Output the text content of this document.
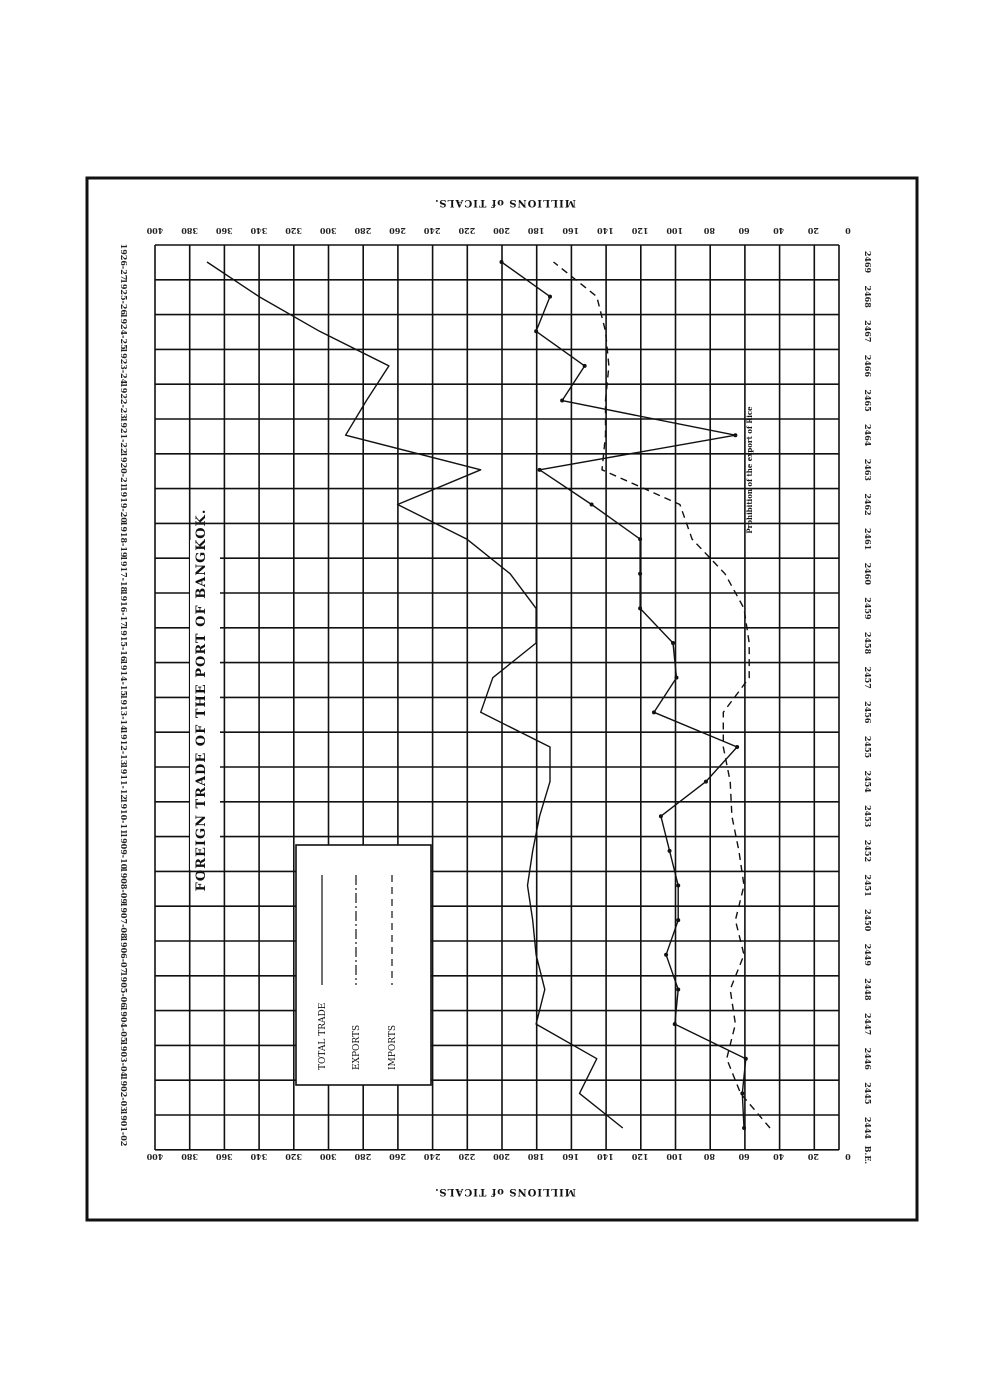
0
0
20
20
40
40
60
60
80
80
100
100
120
120
140
140
160
160
180
180
200
200
220
220
240
240
260
260
280
280
300
300
320
320
340
340
360
360
380
380
400
400
MILLIONS of TICALS.
MILLIONS of TICALS.
1901-02	2444
1902-03	2445
1903-04	2446
1904-05	2447
1905-06	2448
1906-07	2449
1907-08	2450
1908-09	2451
1909-10	2452
1910-11	2453
1911-12	2454
1912-13	2455
1913-14	2456
1914-15	2457
1915-16	2458
1916-17	2459
1917-18	2460
1918-19	2461
1919-20	2462
1920-21	2463
1921-22	2464
1922-23	2465
1923-24	2466
1924-25	2467
1925-26	2468
1926-27	2469
B.E.
TOTAL TRADE	EXPORTS	IMPORTS
FOREIGN TRADE OF THE PORT OF BANGKOK.
Prohibition of the export of Rice
